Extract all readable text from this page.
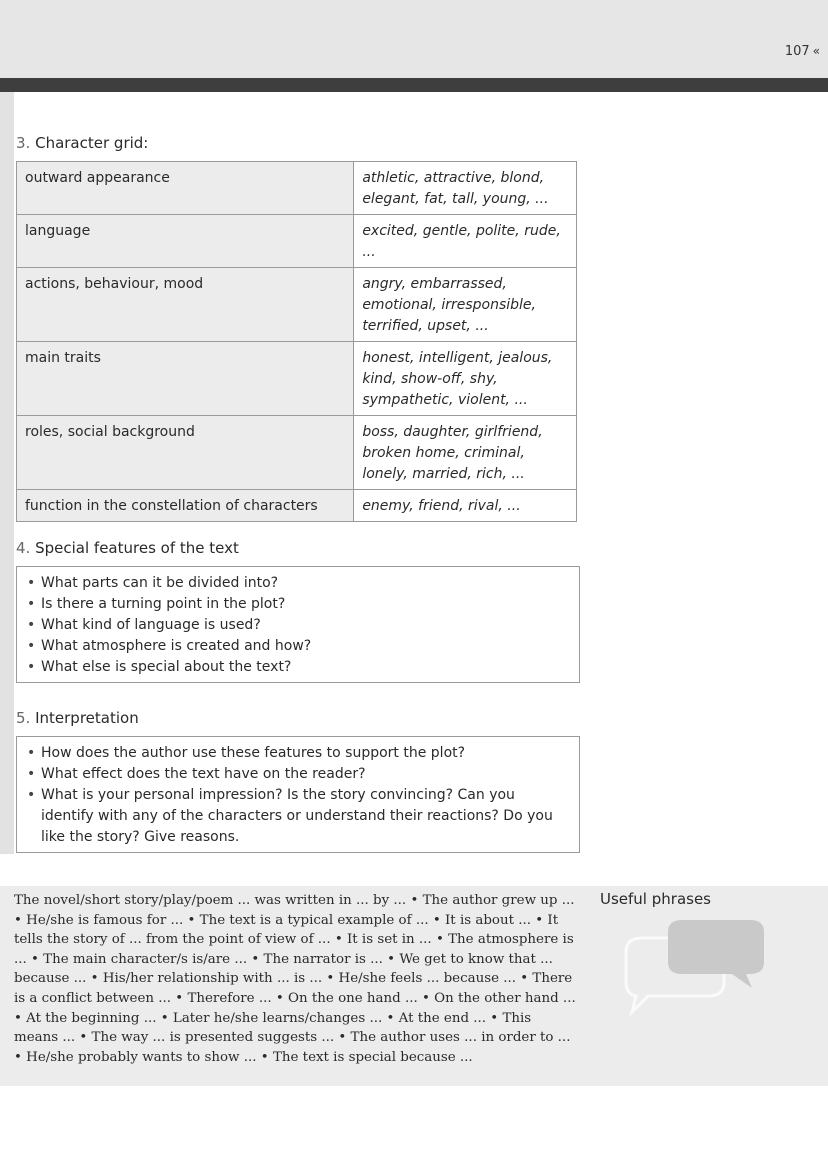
107 «
3. Character grid:
outward appearance	athletic, attractive, blond,
elegant, fat, tall, young, ...

language	excited, gentle, polite, rude,
...

actions, behaviour, mood	angry, embarrassed,
emotional, irresponsible,
terrified, upset, ...

main traits	honest, intelligent, jealous,
kind, show-off, shy,
sympathetic, violent, ...

roles, social background	boss, daughter, girlfriend,
broken home, criminal,
lonely, married, rich, ...

function in the constellation of characters	enemy, friend, rival, ...
4. Special features of the text
• What parts can it be divided into?
• Is there a turning point in the plot?
• What kind of language is used?
• What atmosphere is created and how?
• What else is special about the text?
5. Interpretation
• How does the author use these features to support the plot?
• What effect does the text have on the reader?
• What is your personal impression? Is the story convincing? Can you identify with any of the characters or understand their reactions? Do you like the story? Give reasons.
The novel/short story/play/poem ... was written in ... by ... • The author grew up ... • He/she is famous for ... • The text is a typical example of ... • It is about ... • It tells the story of ... from the point of view of ... • It is set in ... • The atmosphere is ... • The main character/s is/are ... • The narrator is ... • We get to know that ... because ... • His/her relationship with ... is ... • He/she feels ... because ... • There is a conflict between ... • Therefore ... • On the one hand ... • On the other hand ... • At the beginning ... • Later he/she learns/changes ... • At the end ... • This means ... • The way ... is presented suggests ... • The author uses ... in order to ... • He/she probably wants to show ... • The text is special because ...
Useful phrases
